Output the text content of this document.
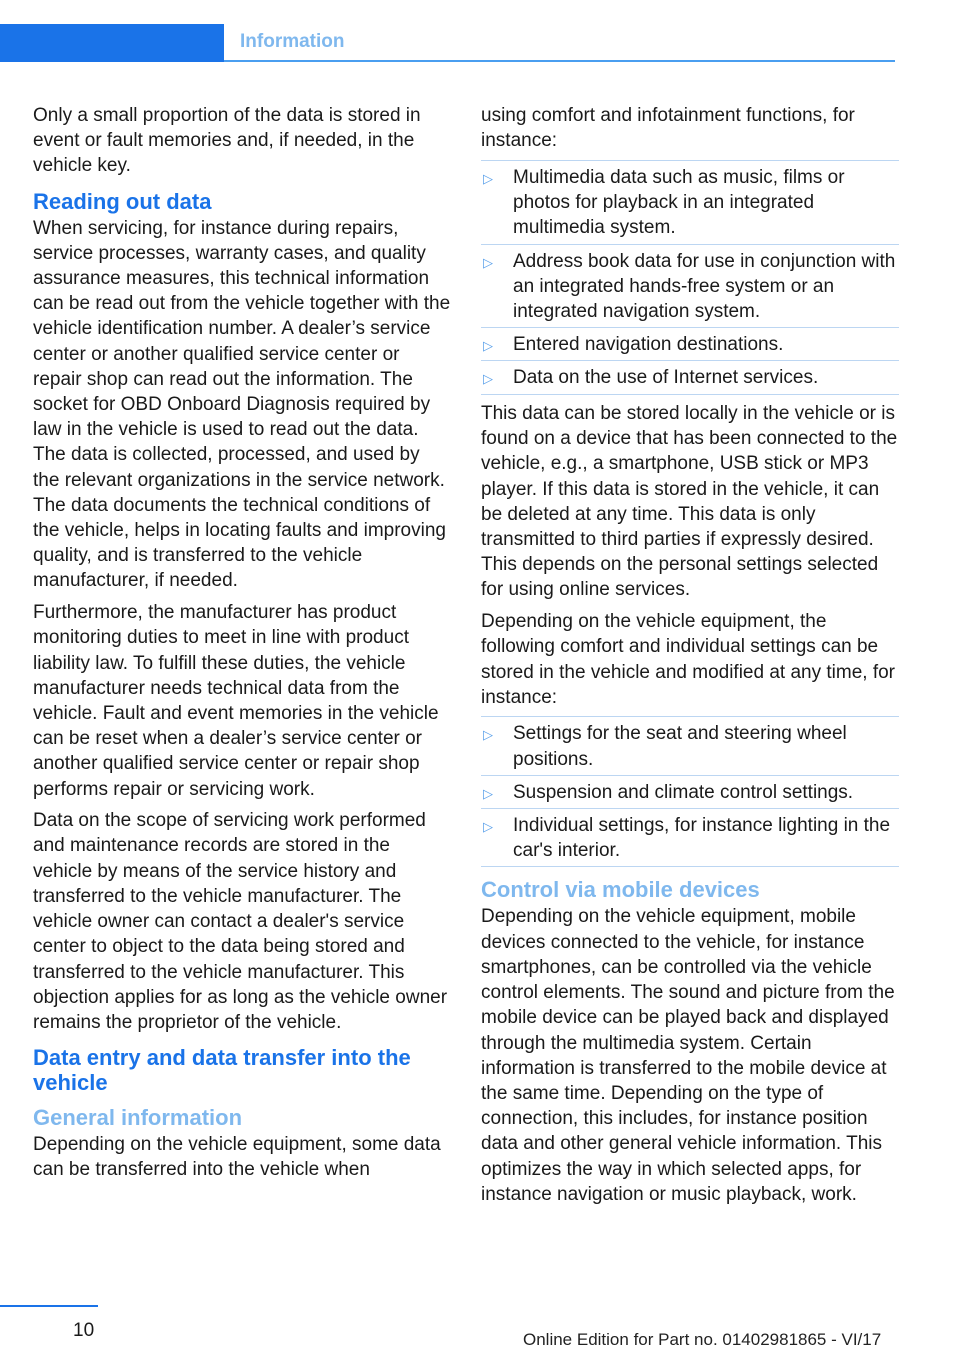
Information

Only a small proportion of the data is stored in event or fault memories and, if needed, in the vehicle key.

Reading out data

When servicing, for instance during repairs, service processes, warranty cases, and quality assurance measures, this technical information can be read out from the vehicle together with the vehicle identification number. A dealer’s service center or another qualified service center or repair shop can read out the information. The socket for OBD Onboard Diagnosis required by law in the vehicle is used to read out the data. The data is collected, processed, and used by the relevant organizations in the service network. The data documents the technical conditions of the vehicle, helps in locating faults and improving quality, and is transferred to the vehicle manufacturer, if needed.

Furthermore, the manufacturer has product monitoring duties to meet in line with product liability law. To fulfill these duties, the vehicle manufacturer needs technical data from the vehicle. Fault and event memories in the vehicle can be reset when a dealer’s service center or another qualified service center or repair shop performs repair or servicing work.

Data on the scope of servicing work performed and maintenance records are stored in the vehicle by means of the service history and transferred to the vehicle manufacturer. The vehicle owner can contact a dealer's service center to object to the data being stored and transferred to the vehicle manufacturer. This objection applies for as long as the vehicle owner remains the proprietor of the vehicle.

Data entry and data transfer into the vehicle
General information

Depending on the vehicle equipment, some data can be transferred into the vehicle when

using comfort and infotainment functions, for instance:

▷ Multimedia data such as music, films or photos for playback in an integrated multimedia system.
▷ Address book data for use in conjunction with an integrated hands-free system or an integrated navigation system.
▷ Entered navigation destinations.
▷ Data on the use of Internet services.

This data can be stored locally in the vehicle or is found on a device that has been connected to the vehicle, e.g., a smartphone, USB stick or MP3 player. If this data is stored in the vehicle, it can be deleted at any time. This data is only transmitted to third parties if expressly desired. This depends on the personal settings selected for using online services.

Depending on the vehicle equipment, the following comfort and individual settings can be stored in the vehicle and modified at any time, for instance:

▷ Settings for the seat and steering wheel positions.
▷ Suspension and climate control settings.
▷ Individual settings, for instance lighting in the car's interior.
Control via mobile devices

Depending on the vehicle equipment, mobile devices connected to the vehicle, for instance smartphones, can be controlled via the vehicle control elements. The sound and picture from the mobile device can be played back and displayed through the multimedia system. Certain information is transferred to the mobile device at the same time. Depending on the type of connection, this includes, for instance position data and other general vehicle information. This optimizes the way in which selected apps, for instance navigation or music playback, work.

10	Online Edition for Part no. 01402981865 - VI/17
